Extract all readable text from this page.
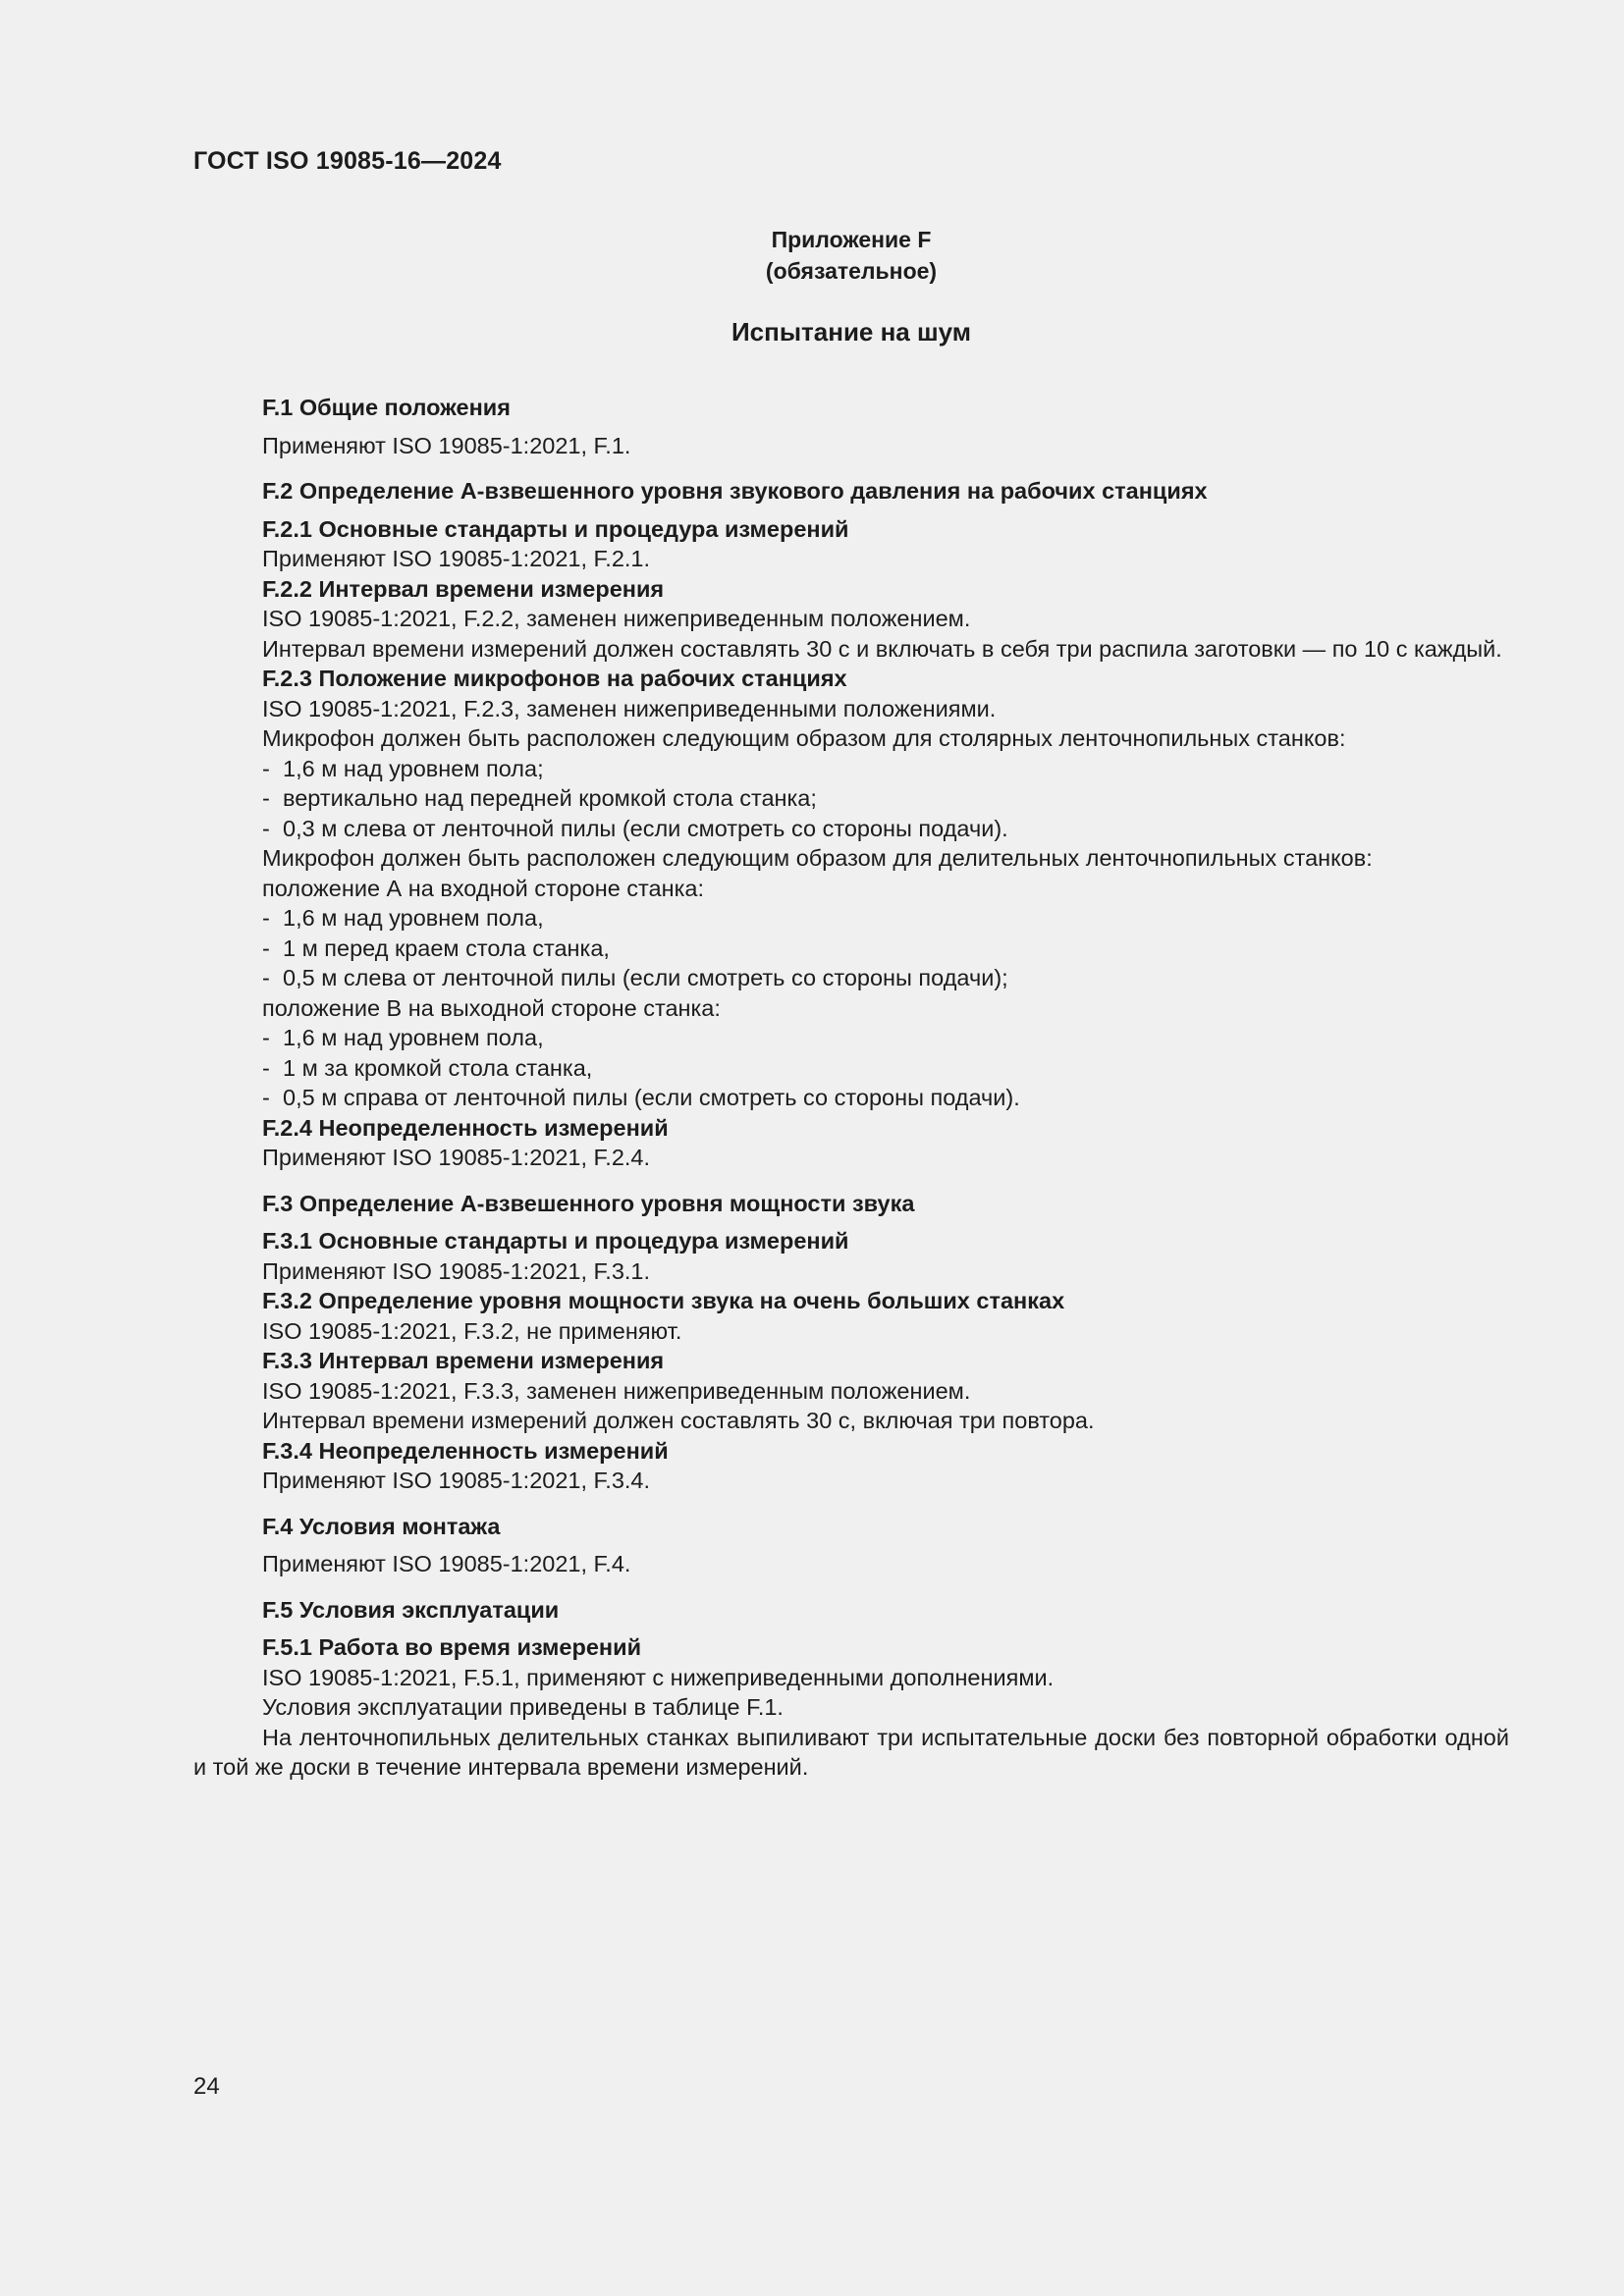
ГОСТ ISO 19085-16—2024
Приложение F
(обязательное)
Испытание на шум

F.1 Общие положения

Применяют ISO 19085-1:2021, F.1.

F.2 Определение А-взвешенного уровня звукового давления на рабочих станциях

F.2.1 Основные стандарты и процедура измерений

Применяют ISO 19085-1:2021, F.2.1.

F.2.2 Интервал времени измерения

ISO 19085-1:2021, F.2.2, заменен нижеприведенным положением.

Интервал времени измерений должен составлять 30 с и включать в себя три распила заготовки — по 10 с каждый.

F.2.3 Положение микрофонов на рабочих станциях

ISO 19085-1:2021, F.2.3, заменен нижеприведенными положениями.

Микрофон должен быть расположен следующим образом для столярных ленточнопильных станков:

- 1,6 м над уровнем пола;

- вертикально над передней кромкой стола станка;

- 0,3 м слева от ленточной пилы (если смотреть со стороны подачи).

Микрофон должен быть расположен следующим образом для делительных ленточнопильных станков:

положение А на входной стороне станка:

- 1,6 м над уровнем пола,

- 1 м перед краем стола станка,

- 0,5 м слева от ленточной пилы (если смотреть со стороны подачи);

положение В на выходной стороне станка:

- 1,6 м над уровнем пола,

- 1 м за кромкой стола станка,

- 0,5 м справа от ленточной пилы (если смотреть со стороны подачи).

F.2.4 Неопределенность измерений

Применяют ISO 19085-1:2021, F.2.4.

F.3 Определение А-взвешенного уровня мощности звука

F.3.1 Основные стандарты и процедура измерений

Применяют ISO 19085-1:2021, F.3.1.

F.3.2 Определение уровня мощности звука на очень больших станках

ISO 19085-1:2021, F.3.2, не применяют.

F.3.3 Интервал времени измерения

ISO 19085-1:2021, F.3.3, заменен нижеприведенным положением.

Интервал времени измерений должен составлять 30 с, включая три повтора.

F.3.4 Неопределенность измерений

Применяют ISO 19085-1:2021, F.3.4.

F.4 Условия монтажа

Применяют ISO 19085-1:2021, F.4.

F.5 Условия эксплуатации

F.5.1 Работа во время измерений

ISO 19085-1:2021, F.5.1, применяют с нижеприведенными дополнениями.

Условия эксплуатации приведены в таблице F.1.

На ленточнопильных делительных станках выпиливают три испытательные доски без повторной обработки одной и той же доски в течение интервала времени измерений.

24
